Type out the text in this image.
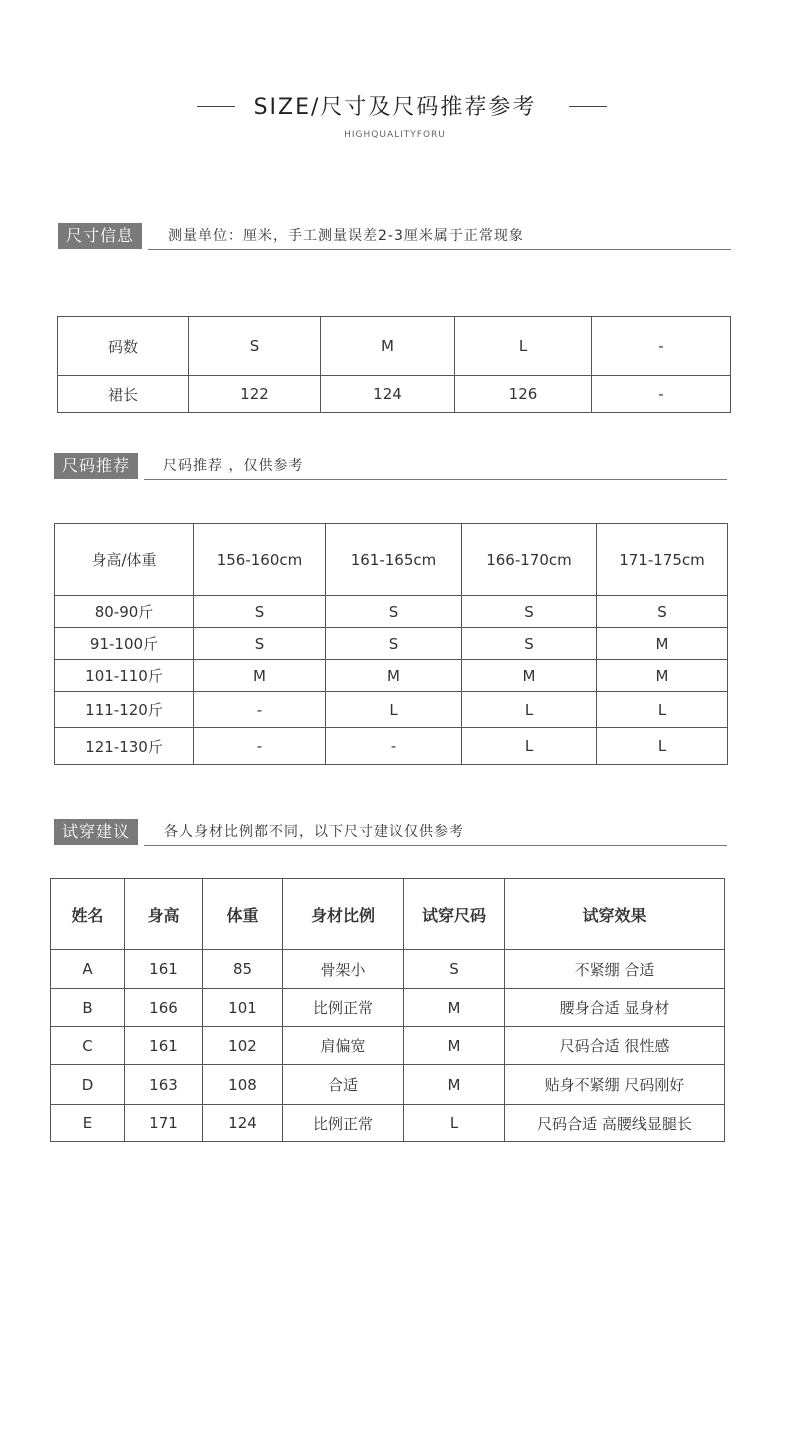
SIZE/尺寸及尺码推荐参考
HIGHQUALITYFORU
尺寸信息	测量单位：厘米，手工测量误差2-3厘米属于正常现象
码数	S	M	L	-
裙长	122	124	126	-
尺码推荐	尺码推荐 ，仅供参考
身高/体重	156-160cm	161-165cm	166-170cm	171-175cm
80-90斤	S	S	S	S
91-100斤	S	S	S	M
101-110斤	M	M	M	M
111-120斤	-	L	L	L
121-130斤	-	-	L	L
试穿建议	各人身材比例都不同，以下尺寸建议仅供参考
姓名	身高	体重	身材比例	试穿尺码	试穿效果
A	161	85	骨架小	S	不紧绷 合适
B	166	101	比例正常	M	腰身合适 显身材
C	161	102	肩偏宽	M	尺码合适 很性感
D	163	108	合适	M	贴身不紧绷 尺码刚好
E	171	124	比例正常	L	尺码合适 高腰线显腿长
